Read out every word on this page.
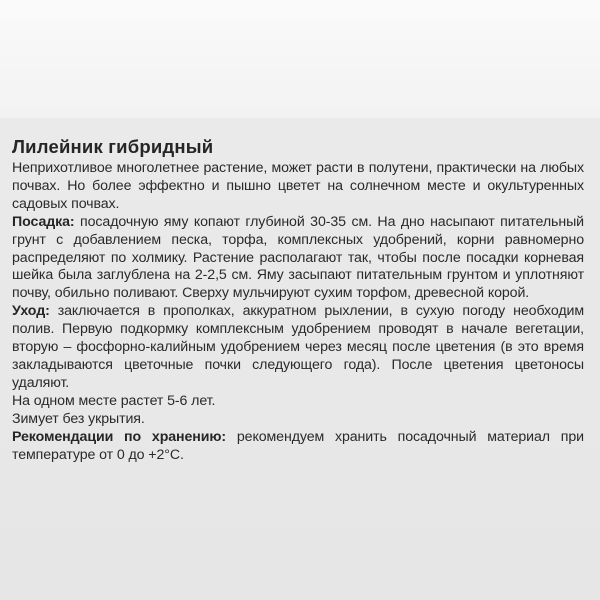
Лилейник гибридный

Неприхотливое многолетнее растение, может расти в полутени, практически на любых почвах. Но более эффектно и пышно цветет на солнечном месте и окультуренных садовых почвах.

Посадка: посадочную яму копают глубиной 30-35 см. На дно насыпают питательный грунт с добавлением песка, торфа, комплексных удобрений, корни равномерно распределяют по холмику. Растение располагают так, чтобы после посадки корневая шейка была заглублена на 2-2,5 см. Яму засыпают питательным грунтом и уплотняют почву, обильно поливают. Сверху мульчируют сухим торфом, древесной корой.

Уход: заключается в прополках, аккуратном рыхлении, в сухую погоду необходим полив. Первую подкормку комплексным удобрением проводят в начале вегетации, вторую – фосфорно-калийным удобрением через месяц после цветения (в это время закладываются цветочные почки следующего года). После цветения цветоносы удаляют.

На одном месте растет 5-6 лет.

Зимует без укрытия.

Рекомендации по хранению: рекомендуем хранить посадочный материал при температуре от 0 до +2°С.
